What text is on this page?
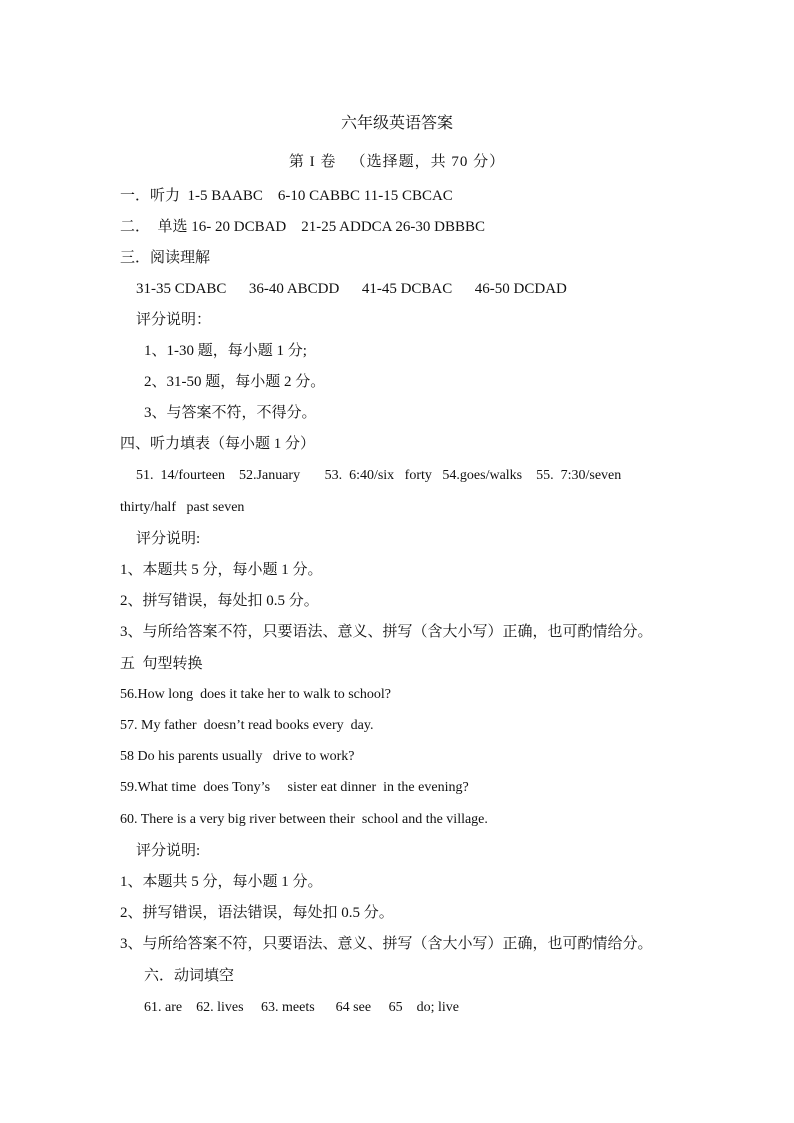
六年级英语答案
第 I 卷   （选择题，共 70 分）
一．听力  1-5 BAABC    6-10 CABBC 11-15 CBCAC
二．  单选 16- 20 DCBAD    21-25 ADDCA 26-30 DBBBC
三．阅读理解
31-35 CDABC      36-40 ABCDD      41-45 DCBAC      46-50 DCDAD
评分说明：
1、1-30 题，每小题 1 分;
2、31-50 题，每小题 2 分。
3、与答案不符，不得分。
四、听力填表（每小题 1 分）
51.  14/fourteen    52.January       53.  6:40/six   forty   54.goes/walks    55.  7:30/seven
thirty/half   past seven
评分说明:
1、本题共 5 分，每小题 1 分。
2、拼写错误，每处扣 0.5 分。
3、与所给答案不符，只要语法、意义、拼写（含大小写）正确，也可酌情给分。
五  句型转换
56.How long  does it take her to walk to school?
57. My father  doesn’t read books every  day.
58 Do his parents usually   drive to work?
59.What time  does Tony’s     sister eat dinner  in the evening?
60. There is a very big river between their  school and the village.
评分说明:
1、本题共 5 分，每小题 1 分。
2、拼写错误，语法错误，每处扣 0.5 分。
3、与所给答案不符，只要语法、意义、拼写（含大小写）正确，也可酌情给分。
六．动词填空
61. are    62. lives     63. meets      64 see     65    do; live
